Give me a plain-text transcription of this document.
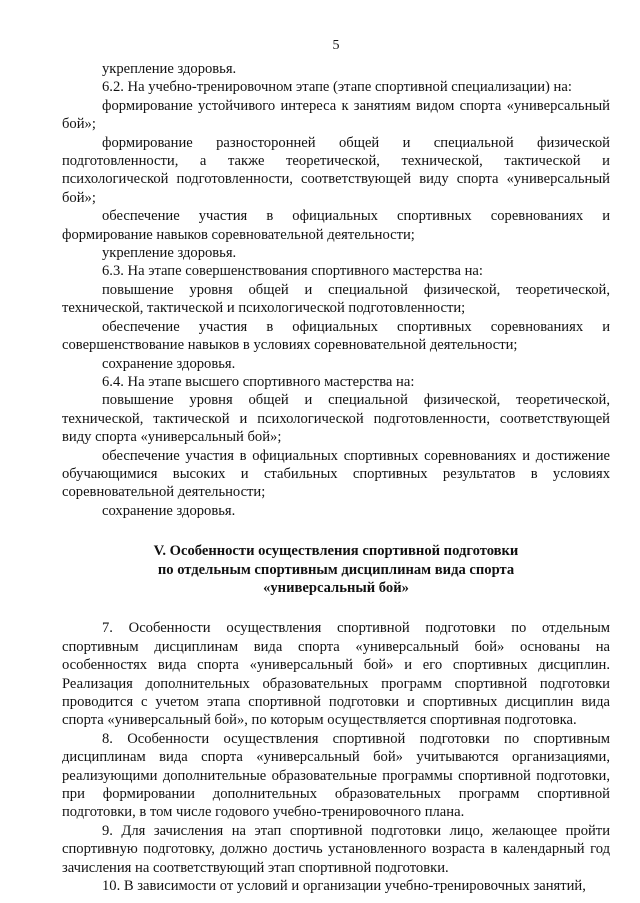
5

укрепление здоровья.

6.2. На учебно-тренировочном этапе (этапе спортивной специализации) на:

формирование устойчивого интереса к занятиям видом спорта «универсальный бой»;

формирование разносторонней общей и специальной физической подготовленности, а также теоретической, технической, тактической и психологической подготовленности, соответствующей виду спорта «универсальный бой»;

обеспечение участия в официальных спортивных соревнованиях и формирование навыков соревновательной деятельности;

укрепление здоровья.

6.3. На этапе совершенствования спортивного мастерства на:

повышение уровня общей и специальной физической, теоретической, технической, тактической и психологической подготовленности;

обеспечение участия в официальных спортивных соревнованиях и совершенствование навыков в условиях соревновательной деятельности;

сохранение здоровья.

6.4. На этапе высшего спортивного мастерства на:

повышение уровня общей и специальной физической, теоретической, технической, тактической и психологической подготовленности, соответствующей виду спорта «универсальный бой»;

обеспечение участия в официальных спортивных соревнованиях и достижение обучающимися высоких и стабильных спортивных результатов в условиях соревновательной деятельности;

сохранение здоровья.

V. Особенности осуществления спортивной подготовки
по отдельным спортивным дисциплинам вида спорта
«универсальный бой»

7. Особенности осуществления спортивной подготовки по отдельным спортивным дисциплинам вида спорта «универсальный бой» основаны на особенностях вида спорта «универсальный бой» и его спортивных дисциплин. Реализация дополнительных образовательных программ спортивной подготовки проводится с учетом этапа спортивной подготовки и спортивных дисциплин вида спорта «универсальный бой», по которым осуществляется спортивная подготовка.

8. Особенности осуществления спортивной подготовки по спортивным дисциплинам вида спорта «универсальный бой» учитываются организациями, реализующими дополнительные образовательные программы спортивной подготовки, при формировании дополнительных образовательных программ спортивной подготовки, в том числе годового учебно-тренировочного плана.

9. Для зачисления на этап спортивной подготовки лицо, желающее пройти спортивную подготовку, должно достичь установленного возраста в календарный год зачисления на соответствующий этап спортивной подготовки.

10. В зависимости от условий и организации учебно-тренировочных занятий,
